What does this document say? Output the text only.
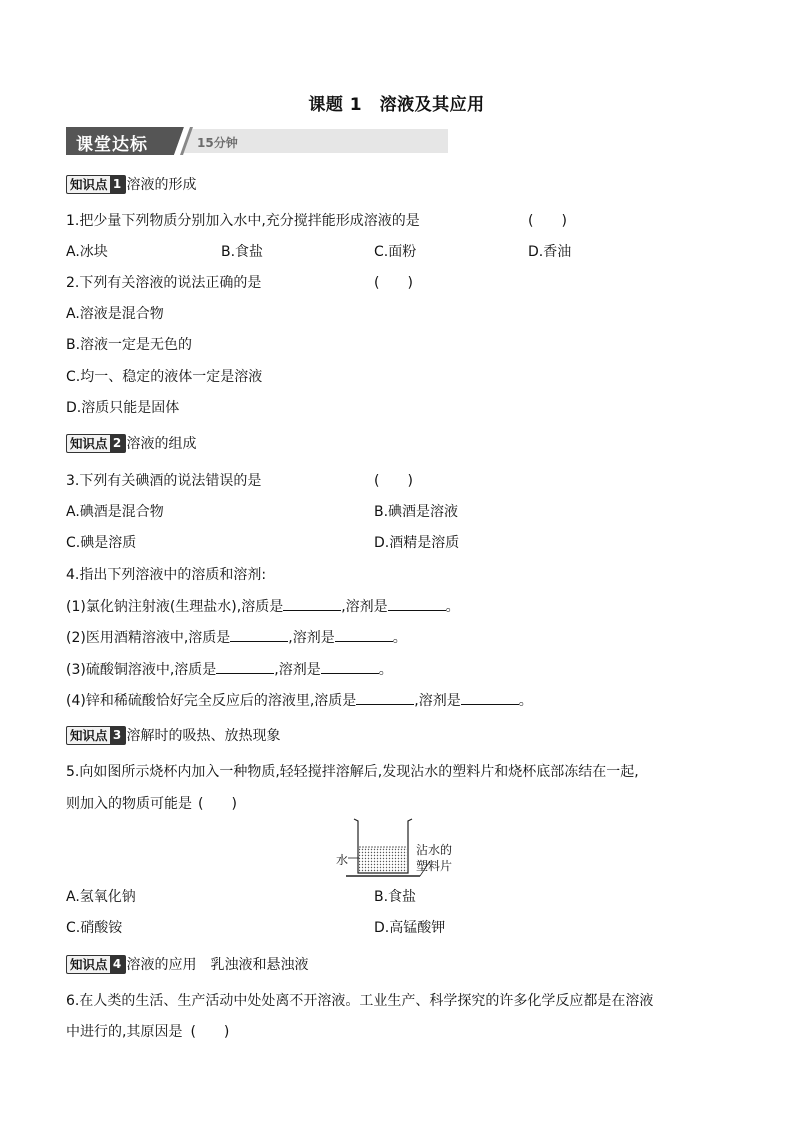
课题 1　溶液及其应用
课堂达标	15分钟
知识点 1 溶液的形成
1.把少量下列物质分别加入水中,充分搅拌能形成溶液的是	(　　)
A.冰块	B.食盐	C.面粉	D.香油
2.下列有关溶液的说法正确的是	(　　)
A.溶液是混合物
B.溶液一定是无色的
C.均一、稳定的液体一定是溶液
D.溶质只能是固体
知识点 2 溶液的组成
3.下列有关碘酒的说法错误的是	(　　)
A.碘酒是混合物	B.碘酒是溶液
C.碘是溶质	D.酒精是溶质
4.指出下列溶液中的溶质和溶剂:
(1)氯化钠注射液(生理盐水),溶质是	,溶剂是	。
(2)医用酒精溶液中,溶质是	,溶剂是	。
(3)硫酸铜溶液中,溶质是	,溶剂是	。
(4)锌和稀硫酸恰好完全反应后的溶液里,溶质是	,溶剂是	。
知识点 3 溶解时的吸热、放热现象
5.向如图所示烧杯内加入一种物质,轻轻搅拌溶解后,发现沾水的塑料片和烧杯底部冻结在一起,
则加入的物质可能是 (　　)
水
沾水的
塑料片
A.氢氧化钠	B.食盐
C.硝酸铵	D.高锰酸钾
知识点 4 溶液的应用　乳浊液和悬浊液
6.在人类的生活、生产活动中处处离不开溶液。工业生产、科学探究的许多化学反应都是在溶液
中进行的,其原因是 (　　)
